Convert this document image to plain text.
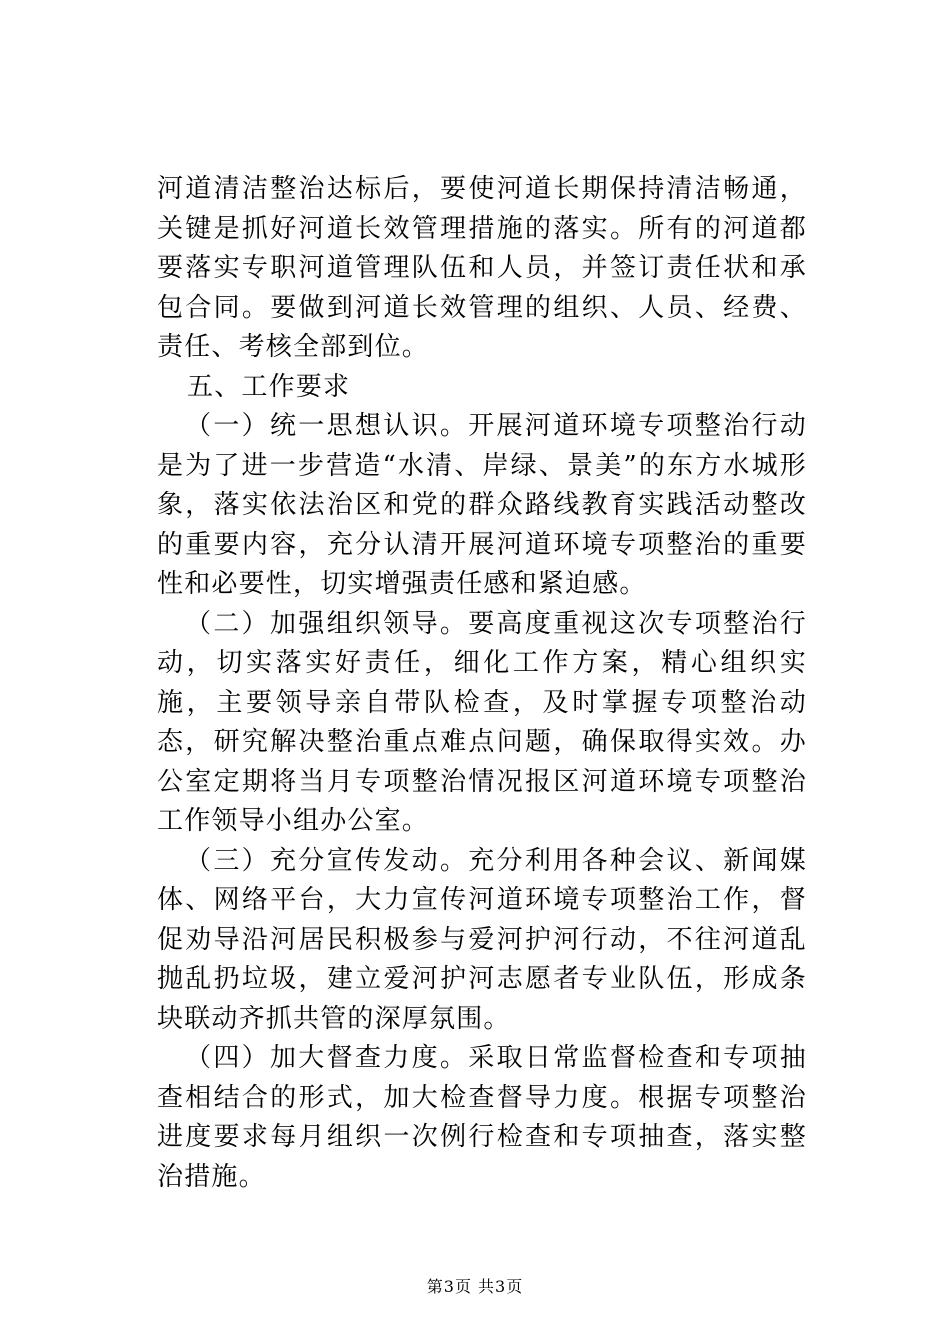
河道清洁整治达标后，要使河道长期保持清洁畅通，关键是抓好河道长效管理措施的落实。所有的河道都要落实专职河道管理队伍和人员，并签订责任状和承包合同。要做到河道长效管理的组织、人员、经费、责任、考核全部到位。

五、工作要求

（一）统一思想认识。开展河道环境专项整治行动是为了进一步营造“水清、岸绿、景美”的东方水城形象，落实依法治区和党的群众路线教育实践活动整改的重要内容，充分认清开展河道环境专项整治的重要性和必要性，切实增强责任感和紧迫感。

（二）加强组织领导。要高度重视这次专项整治行动，切实落实好责任，细化工作方案，精心组织实施，主要领导亲自带队检查，及时掌握专项整治动态，研究解决整治重点难点问题，确保取得实效。办公室定期将当月专项整治情况报区河道环境专项整治工作领导小组办公室。

（三）充分宣传发动。充分利用各种会议、新闻媒体、网络平台，大力宣传河道环境专项整治工作，督促劝导沿河居民积极参与爱河护河行动，不往河道乱抛乱扔垃圾，建立爱河护河志愿者专业队伍，形成条块联动齐抓共管的深厚氛围。

（四）加大督查力度。采取日常监督检查和专项抽查相结合的形式，加大检查督导力度。根据专项整治进度要求每月组织一次例行检查和专项抽查，落实整治措施。

第3页 共3页
